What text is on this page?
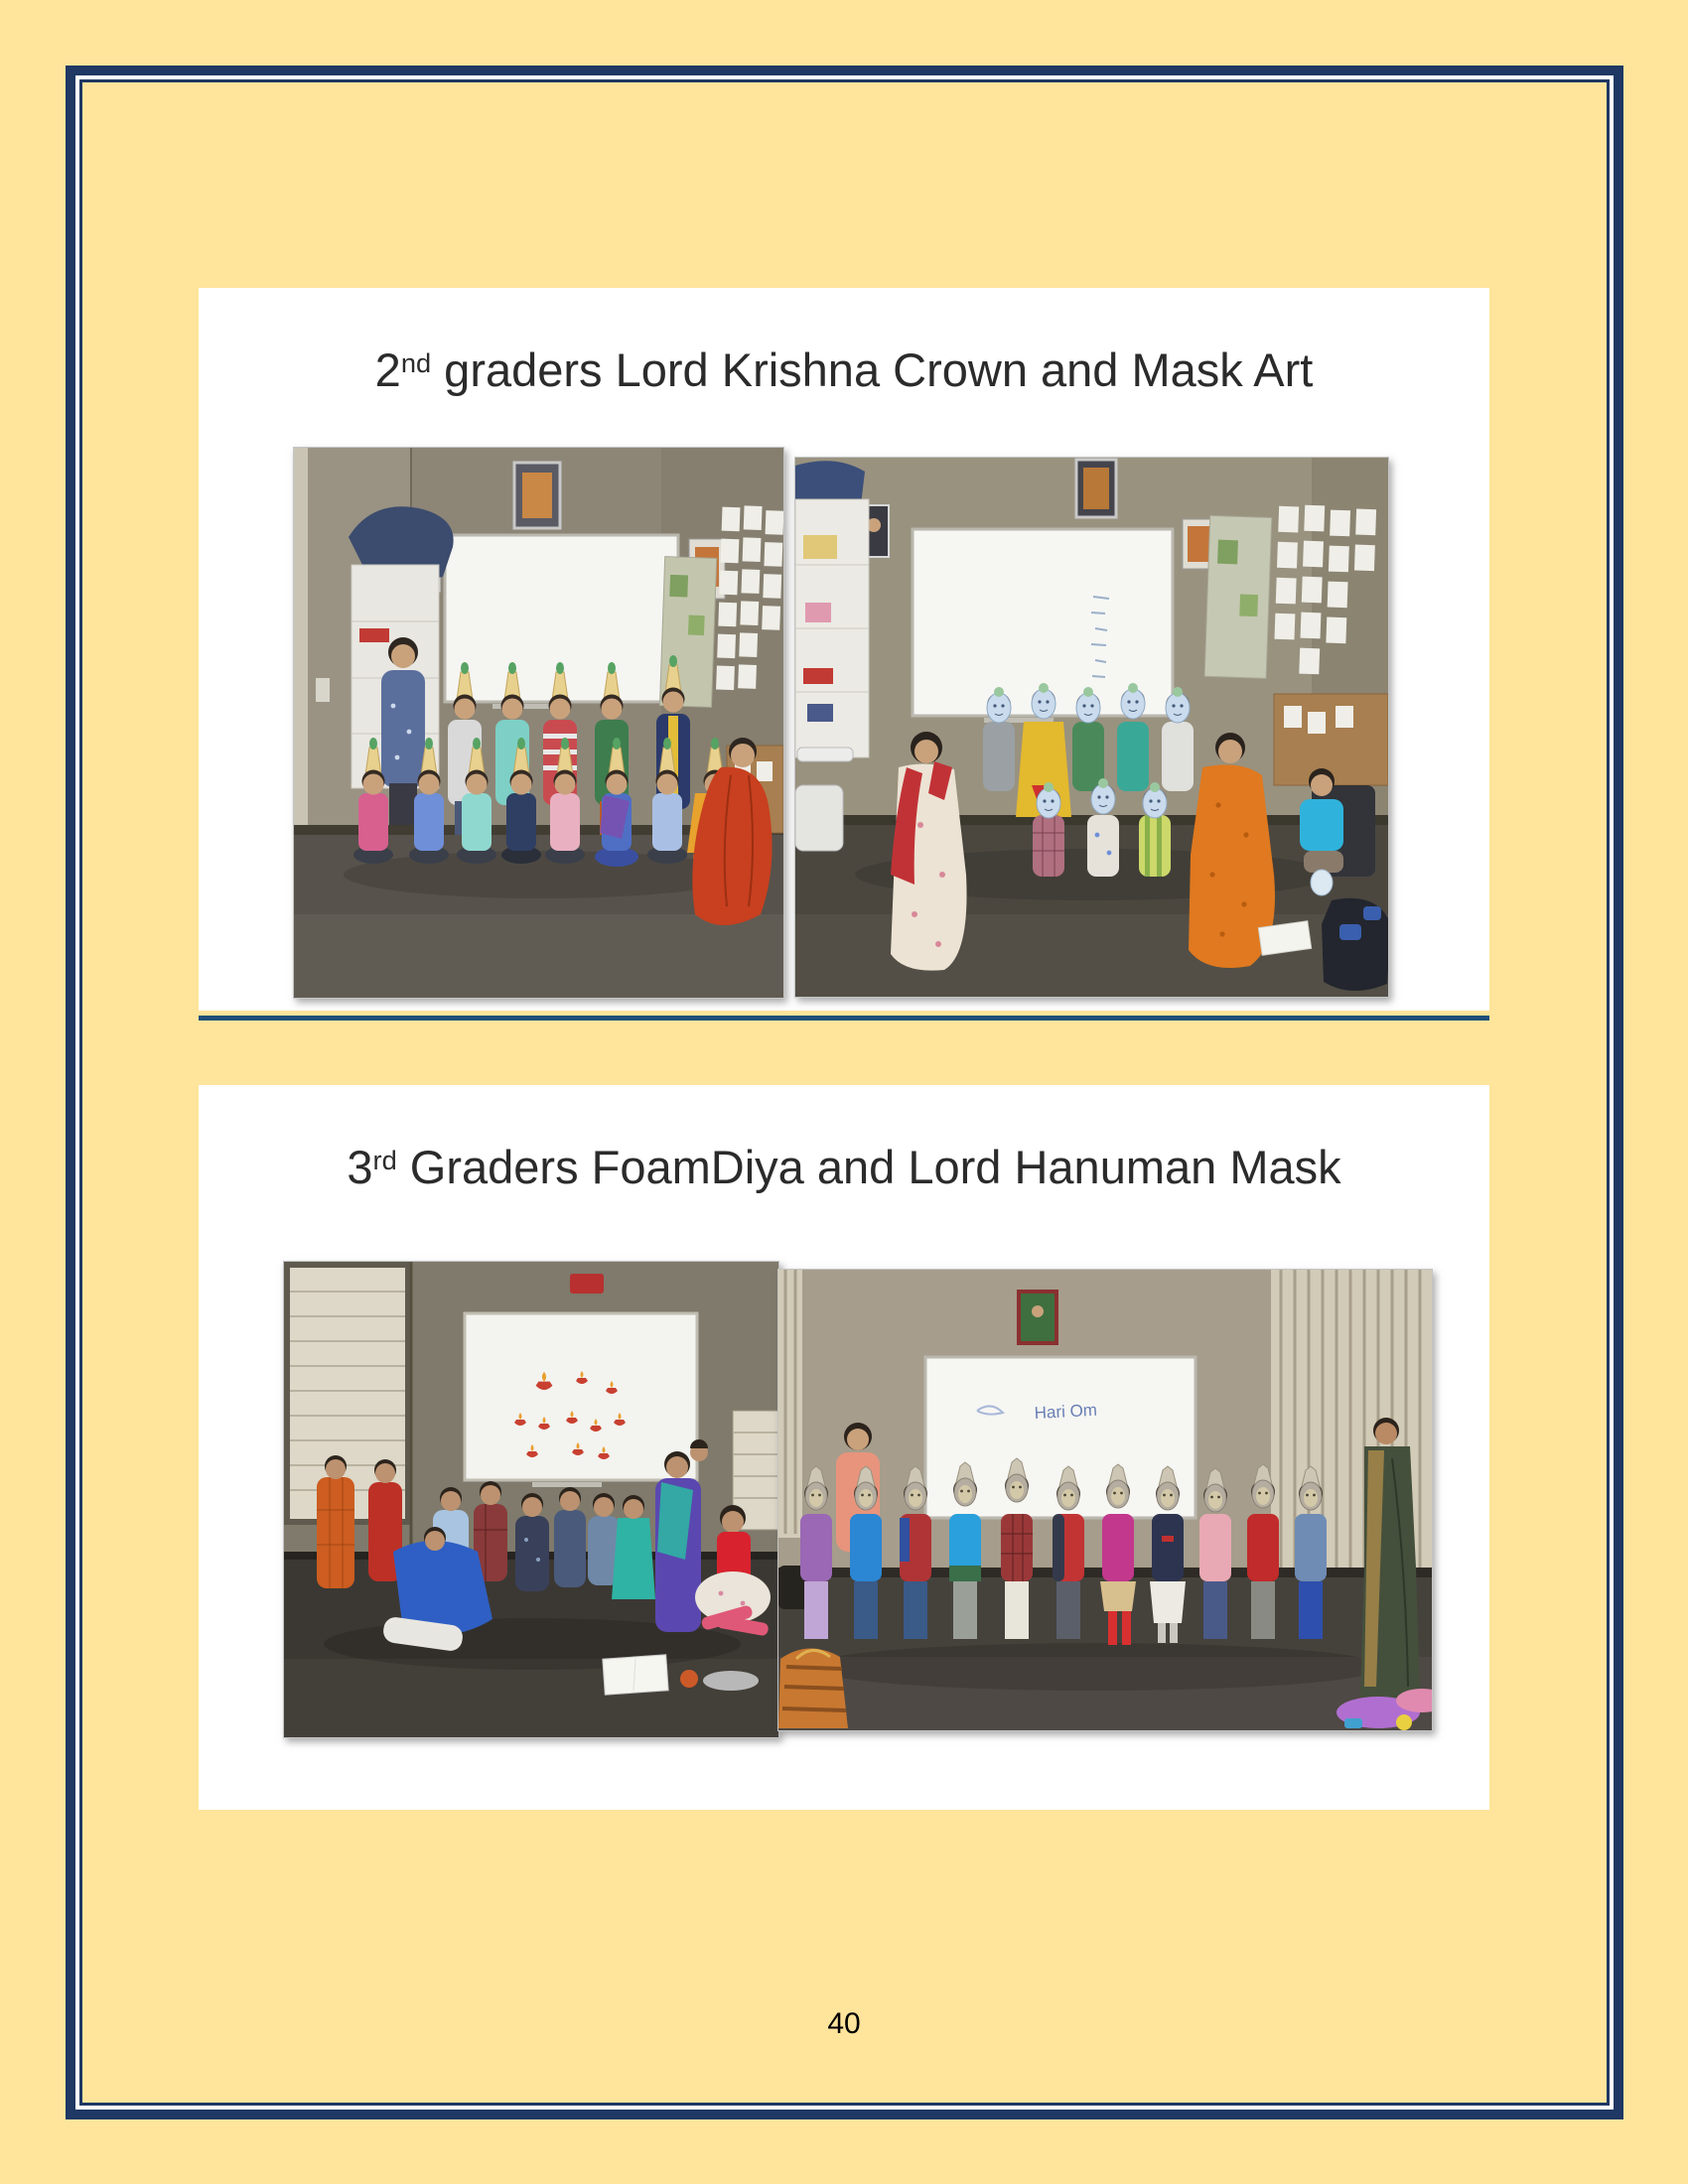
2nd graders Lord Krishna Crown and Mask Art
3rd Graders FoamDiya and Lord Hanuman Mask
Hari Om
40
